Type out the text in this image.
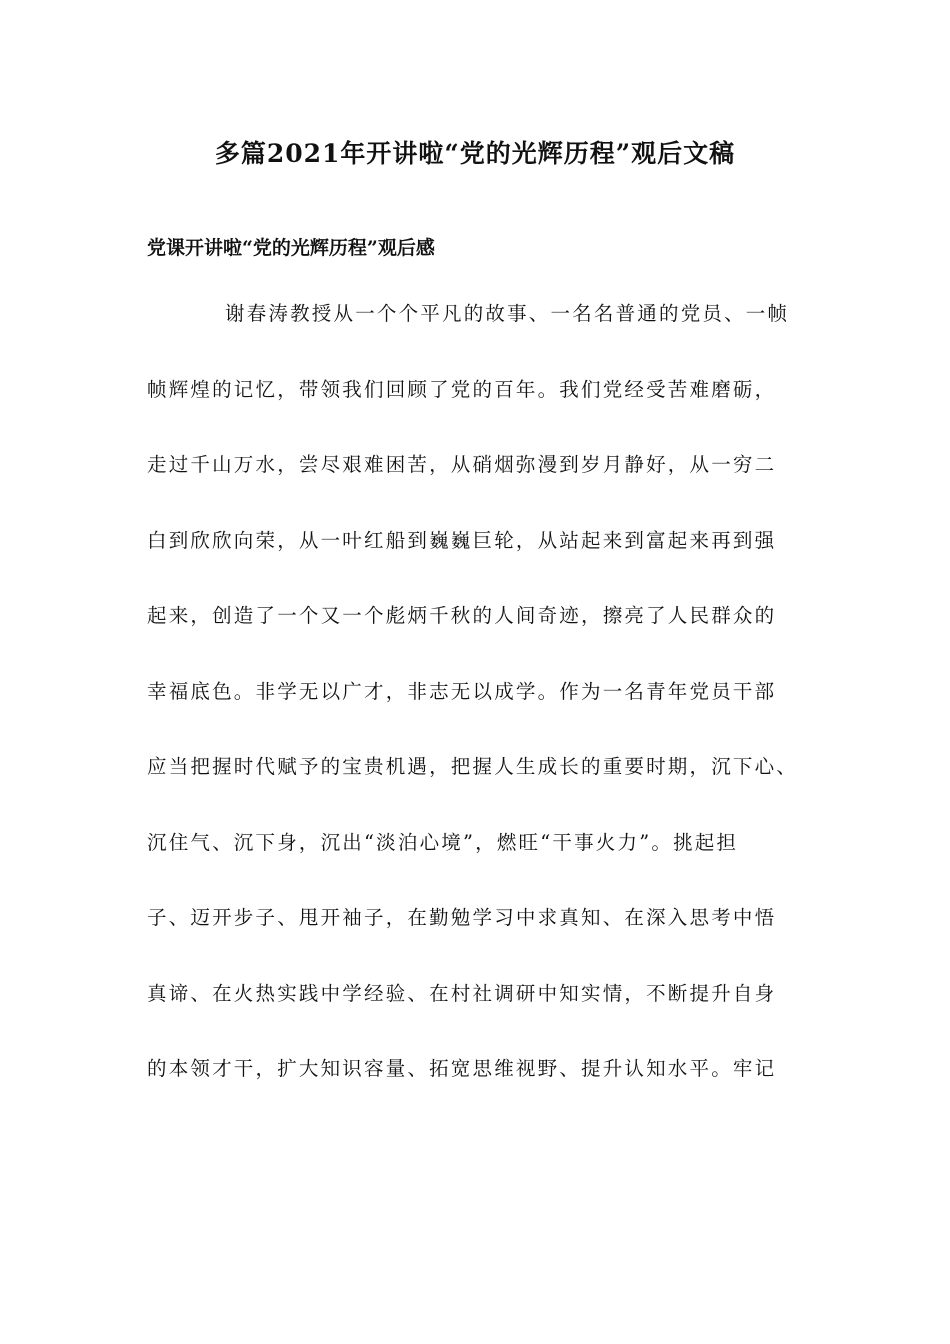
多篇2021年开讲啦“党的光辉历程”观后文稿
党课开讲啦“党的光辉历程”观后感
谢春涛教授从一个个平凡的故事、一名名普通的党员、一帧
帧辉煌的记忆，带领我们回顾了党的百年。我们党经受苦难磨砺，
走过千山万水，尝尽艰难困苦，从硝烟弥漫到岁月静好，从一穷二
白到欣欣向荣，从一叶红船到巍巍巨轮，从站起来到富起来再到强
起来，创造了一个又一个彪炳千秋的人间奇迹，擦亮了人民群众的
幸福底色。非学无以广才，非志无以成学。作为一名青年党员干部
应当把握时代赋予的宝贵机遇，把握人生成长的重要时期，沉下心、
沉住气、沉下身，沉出“淡泊心境”，燃旺“干事火力”。挑起担
子、迈开步子、甩开袖子，在勤勉学习中求真知、在深入思考中悟
真谛、在火热实践中学经验、在村社调研中知实情，不断提升自身
的本领才干，扩大知识容量、拓宽思维视野、提升认知水平。牢记
